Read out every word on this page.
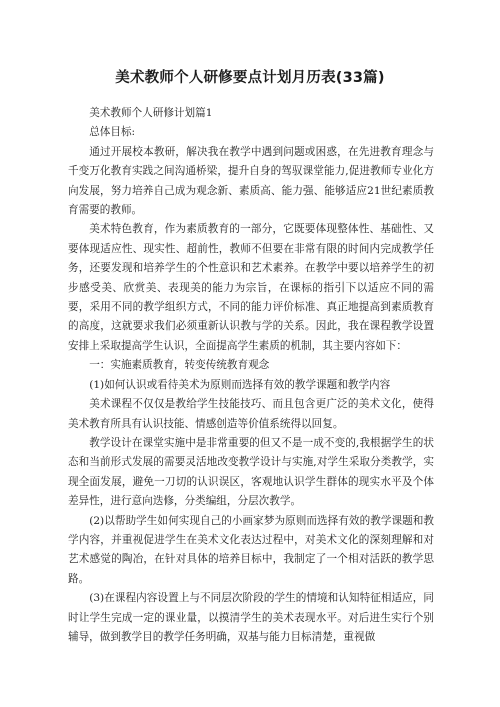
美术教师个人研修要点计划月历表(33篇)

美术教师个人研修计划篇1

总体目标:

通过开展校本教研，解决我在教学中遇到问题或困惑，在先进教育理念与千变万化教育实践之间沟通桥梁，提升自身的驾驭课堂能力,促进教师专业化方向发展，努力培养自己成为观念新、素质高、能力强、能够适应21世纪素质教育需要的教师。

美术特色教育，作为素质教育的一部分，它既要体现整体性、基础性、又要体现适应性、现实性、超前性，教师不但要在非常有限的时间内完成教学任务，还要发现和培养学生的个性意识和艺术素养。在教学中要以培养学生的初步感受美、欣赏美、表现美的能力为宗旨，在课标的指引下以适应不同的需要，采用不同的教学组织方式，不同的能力评价标准、真正地提高到素质教育的高度，这就要求我们必须重新认识教与学的关系。因此，我在课程教学设置安排上采取提高学生认识，全面提高学生素质的机制，其主要内容如下：

一：实施素质教育，转变传统教育观念

(1)如何认识或看待美术为原则而选择有效的教学课题和教学内容

美术课程不仅仅是教给学生技能技巧、而且包含更广泛的美术文化，使得美术教育所具有认识技能、情感创造等价值系统得以回复。

教学设计在课堂实施中是非常重要的但又不是一成不变的,我根据学生的状态和当前形式发展的需要灵活地改变教学设计与实施,对学生采取分类教学，实现全面发展，避免一刀切的认识误区，客观地认识学生群体的现实水平及个体差异性，进行意向迭修，分类编组，分层次教学。

(2)以帮助学生如何实现自己的小画家梦为原则而选择有效的教学课题和教学内容，并重视促进学生在美术文化表达过程中，对美术文化的深刻理解和对艺术感觉的陶冶，在针对具体的培养目标中，我制定了一个相对活跃的教学思路。

(3)在课程内容设置上与不同层次阶段的学生的情境和认知特征相适应，同时让学生完成一定的课业量，以摸清学生的美术表现水平。对后进生实行个别辅导，做到教学目的教学任务明确，双基与能力目标清楚，重视做
